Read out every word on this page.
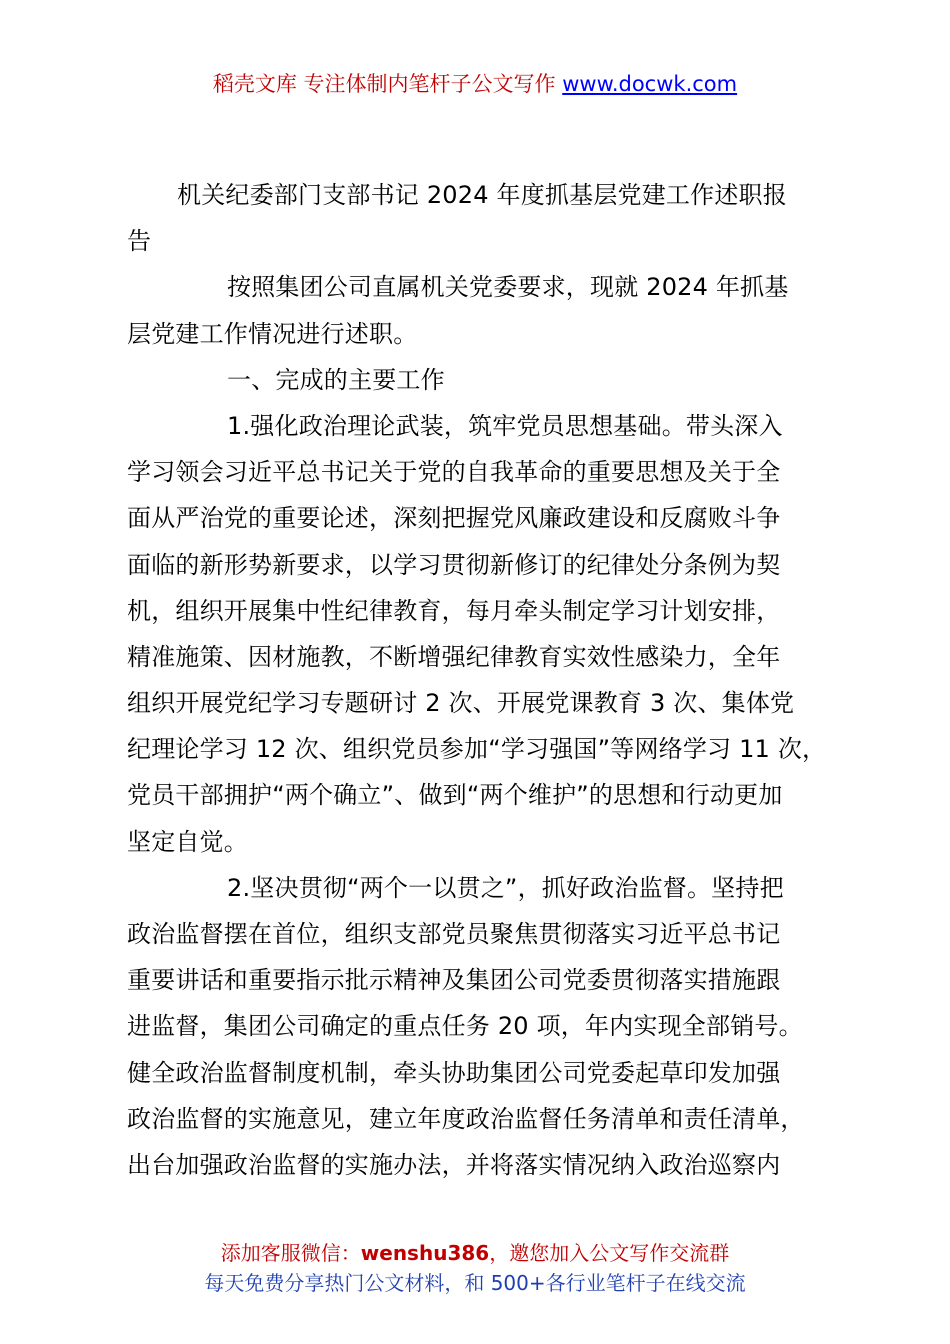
稻壳文库 专注体制内笔杆子公文写作 www.docwk.com
机关纪委部门支部书记 2024 年度抓基层党建工作述职报
告
按照集团公司直属机关党委要求，现就 2024 年抓基
层党建工作情况进行述职。
一、完成的主要工作
1.强化政治理论武装，筑牢党员思想基础。带头深入
学习领会习近平总书记关于党的自我革命的重要思想及关于全
面从严治党的重要论述，深刻把握党风廉政建设和反腐败斗争
面临的新形势新要求，以学习贯彻新修订的纪律处分条例为契
机，组织开展集中性纪律教育，每月牵头制定学习计划安排，
精准施策、因材施教，不断增强纪律教育实效性感染力，全年
组织开展党纪学习专题研讨 2 次、开展党课教育 3 次、集体党
纪理论学习 12 次、组织党员参加“学习强国”等网络学习 11 次，
党员干部拥护“两个确立”、做到“两个维护”的思想和行动更加
坚定自觉。
2.坚决贯彻“两个一以贯之”，抓好政治监督。坚持把
政治监督摆在首位，组织支部党员聚焦贯彻落实习近平总书记
重要讲话和重要指示批示精神及集团公司党委贯彻落实措施跟
进监督，集团公司确定的重点任务 20 项，年内实现全部销号。
健全政治监督制度机制，牵头协助集团公司党委起草印发加强
政治监督的实施意见，建立年度政治监督任务清单和责任清单，
出台加强政治监督的实施办法，并将落实情况纳入政治巡察内
添加客服微信：wenshu386，邀您加入公文写作交流群
每天免费分享热门公文材料，和 500+各行业笔杆子在线交流
